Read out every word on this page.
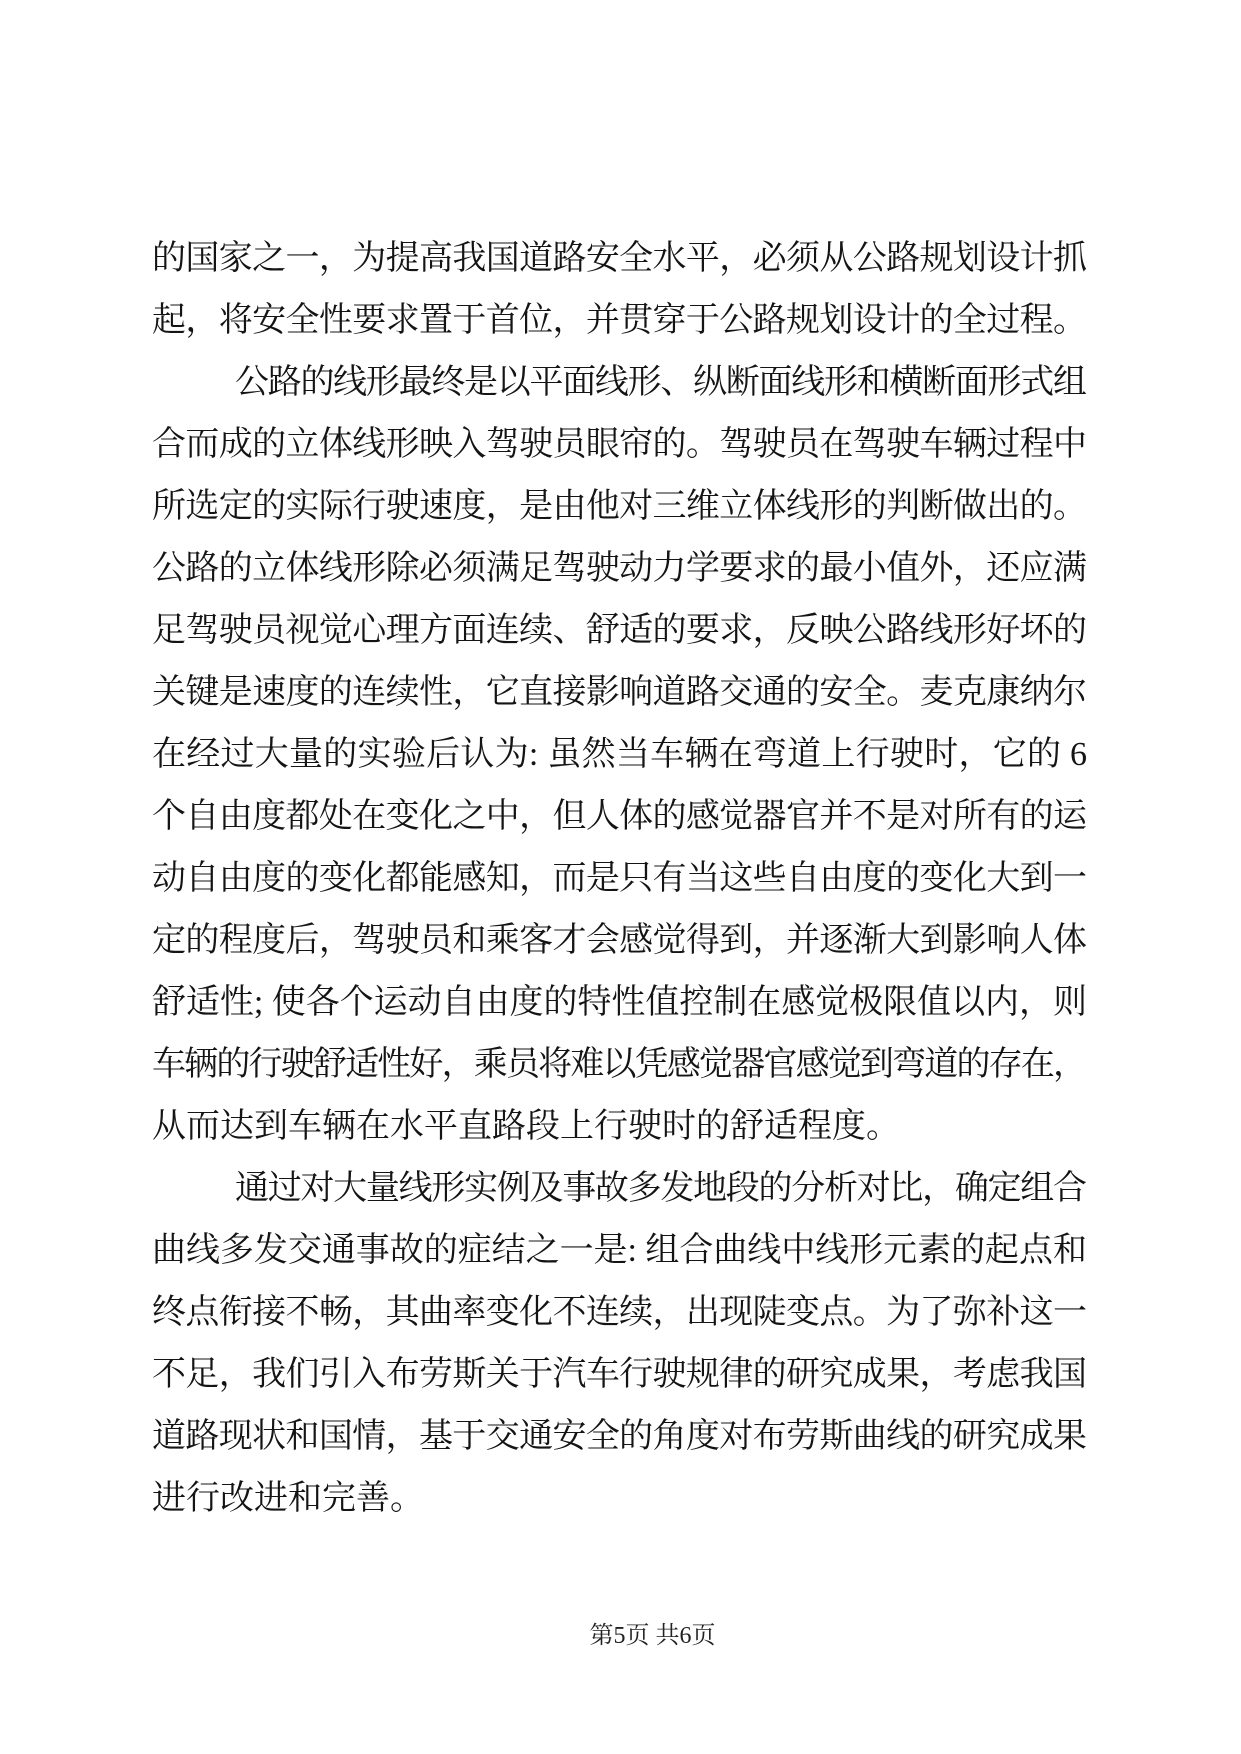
的国家之一，为提高我国道路安全水平，必须从公路规划设计抓
起，将安全性要求置于首位，并贯穿于公路规划设计的全过程。
公路的线形最终是以平面线形、纵断面线形和横断面形式组
合而成的立体线形映入驾驶员眼帘的。驾驶员在驾驶车辆过程中
所选定的实际行驶速度，是由他对三维立体线形的判断做出的。
公路的立体线形除必须满足驾驶动力学要求的最小值外，还应满
足驾驶员视觉心理方面连续、舒适的要求，反映公路线形好坏的
关键是速度的连续性，它直接影响道路交通的安全。麦克康纳尔
在经过大量的实验后认为: 虽然当车辆在弯道上行驶时，它的 6
个自由度都处在变化之中，但人体的感觉器官并不是对所有的运
动自由度的变化都能感知，而是只有当这些自由度的变化大到一
定的程度后，驾驶员和乘客才会感觉得到，并逐渐大到影响人体
舒适性; 使各个运动自由度的特性值控制在感觉极限值以内，则
车辆的行驶舒适性好，乘员将难以凭感觉器官感觉到弯道的存在，
从而达到车辆在水平直路段上行驶时的舒适程度。
通过对大量线形实例及事故多发地段的分析对比，确定组合
曲线多发交通事故的症结之一是: 组合曲线中线形元素的起点和
终点衔接不畅，其曲率变化不连续，出现陡变点。为了弥补这一
不足，我们引入布劳斯关于汽车行驶规律的研究成果，考虑我国
道路现状和国情，基于交通安全的角度对布劳斯曲线的研究成果
进行改进和完善。
第5页 共6页
